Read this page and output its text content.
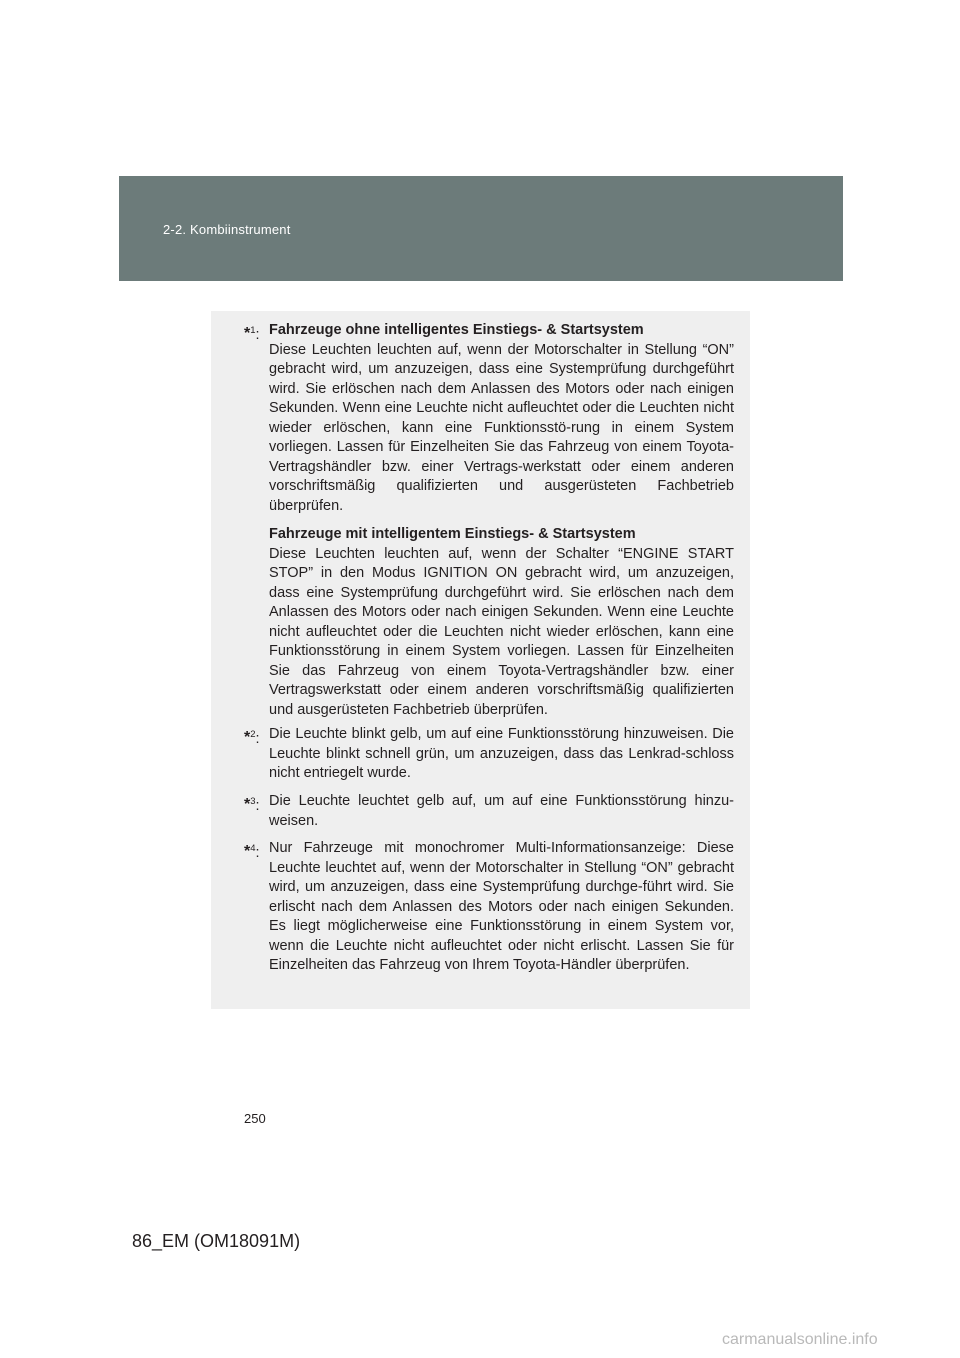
2-2. Kombiinstrument
*$^1$: Fahrzeuge ohne intelligentes Einstiegs- & Startsystem

Diese Leuchten leuchten auf, wenn der Motorschalter in Stellung “ON” gebracht wird, um anzuzeigen, dass eine Systemprüfung durchgeführt wird. Sie erlöschen nach dem Anlassen des Motors oder nach einigen Sekunden. Wenn eine Leuchte nicht aufleuchtet oder die Leuchten nicht wieder erlöschen, kann eine Funktionsstö-rung in einem System vorliegen. Lassen für Einzelheiten Sie das Fahrzeug von einem Toyota-Vertragshändler bzw. einer Vertrags-werkstatt oder einem anderen vorschriftsmäßig qualifizierten und ausgerüsteten Fachbetrieb überprüfen.

Fahrzeuge mit intelligentem Einstiegs- & Startsystem

Diese Leuchten leuchten auf, wenn der Schalter “ENGINE START STOP” in den Modus IGNITION ON gebracht wird, um anzuzeigen, dass eine Systemprüfung durchgeführt wird. Sie erlöschen nach dem Anlassen des Motors oder nach einigen Sekunden. Wenn eine Leuchte nicht aufleuchtet oder die Leuchten nicht wieder erlöschen, kann eine Funktionsstörung in einem System vorliegen. Lassen für Einzelheiten Sie das Fahrzeug von einem Toyota-Vertragshändler bzw. einer Vertragswerkstatt oder einem anderen vorschriftsmäßig qualifizierten und ausgerüsteten Fachbetrieb überprüfen.

*$^2$: Die Leuchte blinkt gelb, um auf eine Funktionsstörung hinzuweisen. Die Leuchte blinkt schnell grün, um anzuzeigen, dass das Lenkrad-schloss nicht entriegelt wurde.

*$^3$: Die Leuchte leuchtet gelb auf, um auf eine Funktionsstörung hinzu-weisen.

*$^4$: Nur Fahrzeuge mit monochromer Multi-Informationsanzeige: Diese Leuchte leuchtet auf, wenn der Motorschalter in Stellung “ON” gebracht wird, um anzuzeigen, dass eine Systemprüfung durchge-führt wird. Sie erlischt nach dem Anlassen des Motors oder nach einigen Sekunden. Es liegt möglicherweise eine Funktionsstörung in einem System vor, wenn die Leuchte nicht aufleuchtet oder nicht erlischt. Lassen Sie für Einzelheiten das Fahrzeug von Ihrem Toyota-Händler überprüfen.

250
86_EM (OM18091M)
carmanualsonline.info
